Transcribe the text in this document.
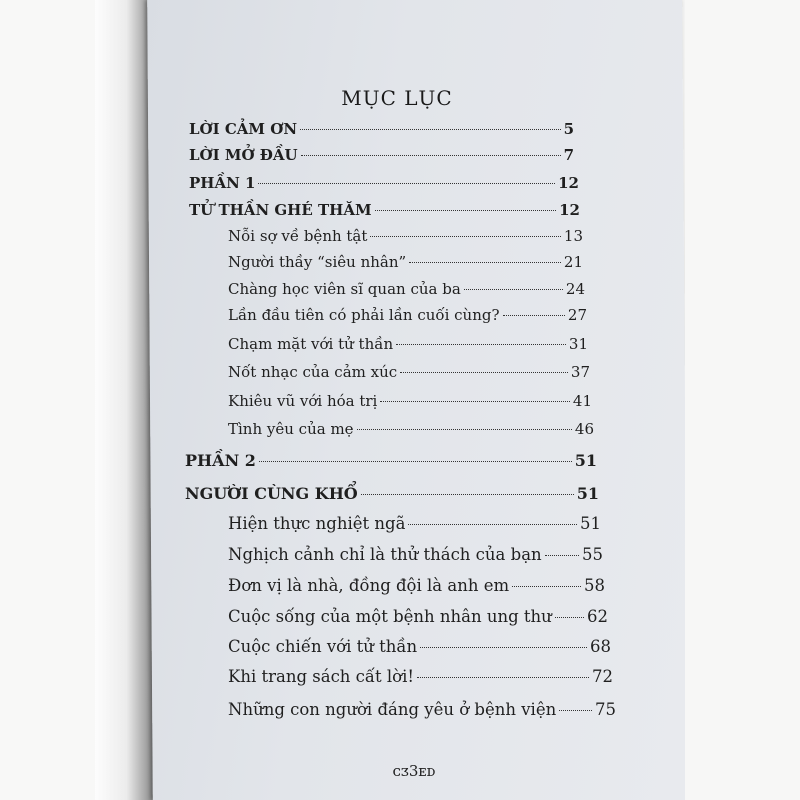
MỤC LỤC
LỜI CẢM ƠN	5
LỜI MỞ ĐẦU	7
PHẦN 1	12
TỬ THẦN GHÉ THĂM	12
Nỗi sợ về bệnh tật	13
Người thầy “siêu nhân”	21
Chàng học viên sĩ quan của ba	24
Lần đầu tiên có phải lần cuối cùng?	27
Chạm mặt với tử thần	31
Nốt nhạc của cảm xúc	37
Khiêu vũ với hóa trị	41
Tình yêu của mẹ	46
PHẦN 2	51
NGƯỜI CÙNG KHỔ	51
Hiện thực nghiệt ngã	51
Nghịch cảnh chỉ là thử thách của bạn 55
Đơn vị là nhà, đồng đội là anh em	58
Cuộc sống của một bệnh nhân ung thư 62
Cuộc chiến với tử thần	68
Khi trang sách cất lời!	72
Những con người đáng yêu ở bệnh viện 75
ᴄᴣ3ᴇᴅ
